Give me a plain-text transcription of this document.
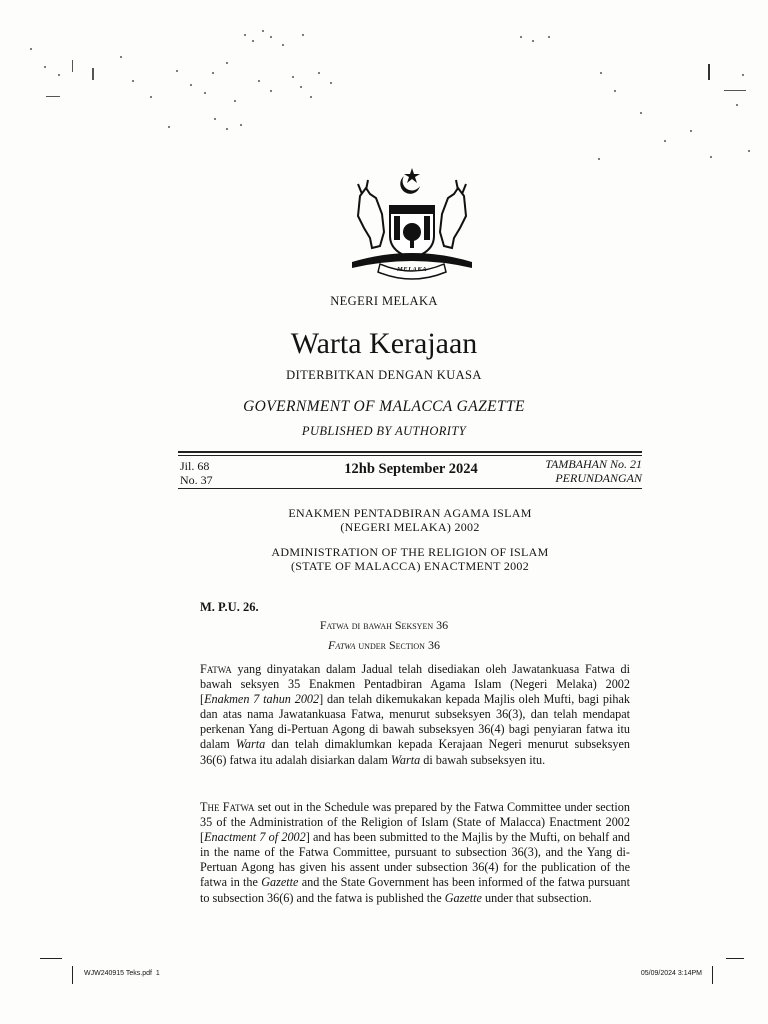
MELAKA
NEGERI MELAKA
Warta Kerajaan
DITERBITKAN DENGAN KUASA
GOVERNMENT OF MALACCA GAZETTE
PUBLISHED BY AUTHORITY
Jil. 68
No. 37
12hb September 2024	TAMBAHAN No. 21
PERUNDANGAN
ENAKMEN PENTADBIRAN AGAMA ISLAM
(NEGERI MELAKA) 2002
ADMINISTRATION OF THE RELIGION OF ISLAM
(STATE OF MALACCA) ENACTMENT 2002
M. P.U. 26.
Fatwa di bawah Seksyen 36
Fatwa under Section 36

Fatwa yang dinyatakan dalam Jadual telah disediakan oleh Jawatankuasa Fatwa di bawah seksyen 35 Enakmen Pentadbiran Agama Islam (Negeri Melaka) 2002 [Enakmen 7 tahun 2002] dan telah dikemukakan kepada Majlis oleh Mufti, bagi pihak dan atas nama Jawatankuasa Fatwa, menurut subseksyen 36(3), dan telah mendapat perkenan Yang di-Pertuan Agong di bawah subseksyen 36(4) bagi penyiaran fatwa itu dalam Warta dan telah dimaklumkan kepada Kerajaan Negeri menurut subseksyen 36(6) fatwa itu adalah disiarkan dalam Warta di bawah subseksyen itu.

The Fatwa set out in the Schedule was prepared by the Fatwa Committee under section 35 of the Administration of the Religion of Islam (State of Malacca) Enactment 2002 [Enactment 7 of 2002] and has been submitted to the Majlis by the Mufti, on behalf and in the name of the Fatwa Committee, pursuant to subsection 36(3), and the Yang di-Pertuan Agong has given his assent under subsection 36(4) for the publication of the fatwa in the Gazette and the State Government has been informed of the fatwa pursuant to subsection 36(6) and the fatwa is published the Gazette under that subsection.

WJW240915 Teks.pdf 1	05/09/2024 3:14PM
